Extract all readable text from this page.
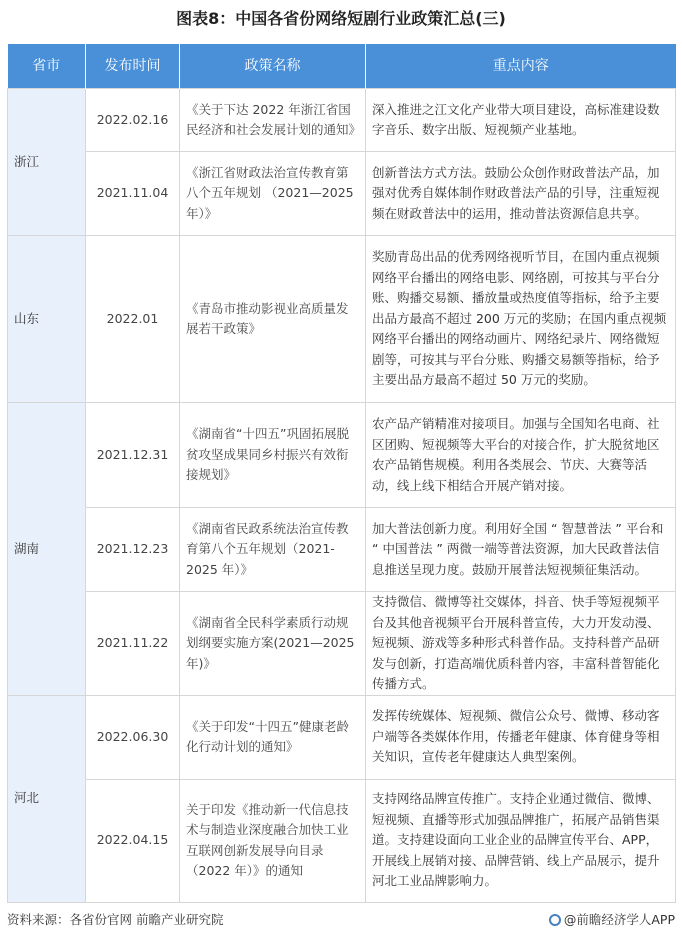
图表8：中国各省份网络短剧行业政策汇总(三)
省市	发布时间	政策名称	重点内容
浙江	2022.02.16	《关于下达 2022 年浙江省国民经济和社会发展计划的通知》	深入推进之江文化产业带大项目建设，高标准建设数字音乐、数字出版、短视频产业基地。
	2021.11.04	《浙江省财政法治宣传教育第八个五年规划 （2021—2025 年）》	创新普法方式方法。鼓励公众创作财政普法产品，加强对优秀自媒体制作财政普法产品的引导，注重短视频在财政普法中的运用，推动普法资源信息共享。
山东	2022.01	《青岛市推动影视业高质量发展若干政策》	奖励青岛出品的优秀网络视听节目，在国内重点视频网络平台播出的网络电影、网络剧，可按其与平台分账、购播交易额、播放量或热度值等指标，给予主要出品方最高不超过 200 万元的奖励；在国内重点视频网络平台播出的网络动画片、网络纪录片、网络微短剧等，可按其与平台分账、购播交易额等指标，给予主要出品方最高不超过 50 万元的奖励。
湖南	2021.12.31	《湖南省“十四五”巩固拓展脱贫攻坚成果同乡村振兴有效衔接规划》	农产品产销精准对接项目。加强与全国知名电商、社区团购、短视频等大平台的对接合作，扩大脱贫地区农产品销售规模。利用各类展会、节庆、大赛等活动，线上线下相结合开展产销对接。
	2021.12.23	《湖南省民政系统法治宣传教育第八个五年规划（2021-2025 年）》	加大普法创新力度。利用好全国 “ 智慧普法 ” 平台和 “ 中国普法 ” 两微一端等普法资源，加大民政普法信息推送呈现力度。鼓励开展普法短视频征集活动。
	2021.11.22	《湖南省全民科学素质行动规划纲要实施方案(2021—2025 年)》	支持微信、微博等社交媒体，抖音、快手等短视频平台及其他音视频平台开展科普宣传，大力开发动漫、短视频、游戏等多种形式科普作品。支持科普产品研发与创新，打造高端优质科普内容，丰富科普智能化传播方式。
河北	2022.06.30	《关于印发“十四五”健康老龄化行动计划的通知》	发挥传统媒体、短视频、微信公众号、微博、移动客户端等各类媒体作用，传播老年健康、体育健身等相关知识，宣传老年健康达人典型案例。
	2022.04.15	关于印发《推动新一代信息技术与制造业深度融合加快工业互联网创新发展导向目录（2022 年）》的通知	支持网络品牌宣传推广。支持企业通过微信、微博、短视频、直播等形式加强品牌推广，拓展产品销售渠道。支持建设面向工业企业的品牌宣传平台、APP，开展线上展销对接、品牌营销、线上产品展示，提升河北工业品牌影响力。
资料来源：各省份官网 前瞻产业研究院	@前瞻经济学人APP
